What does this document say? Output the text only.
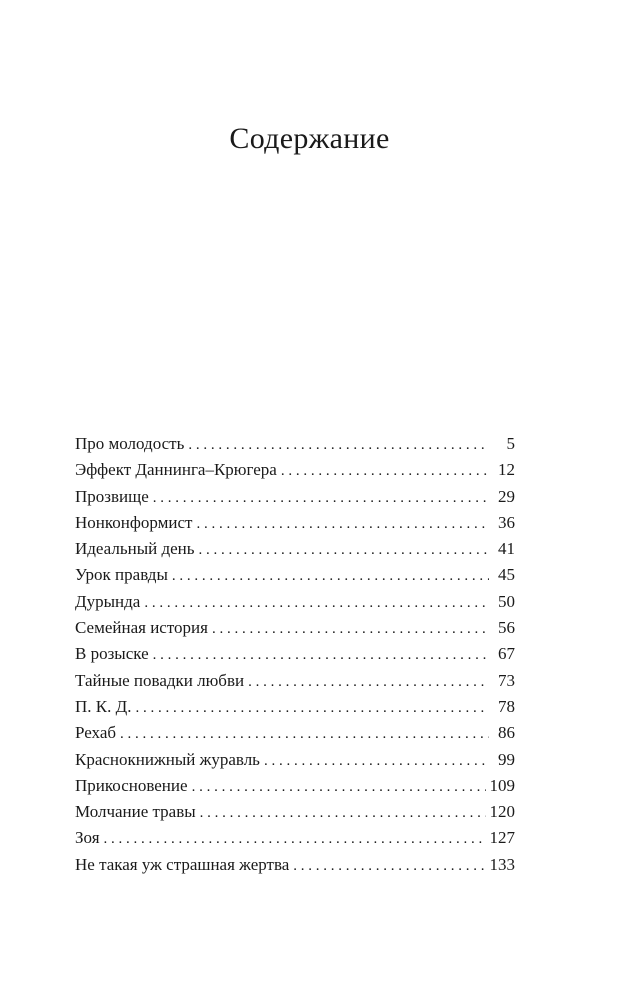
Содержание
Про молодость . . .	5
Эффект Даннинга–Крюгера . . .	12
Прозвище . . .	29
Нонконформист . . .	36
Идеальный день . . .	41
Урок правды . . .	45
Дурында . . .	50
Семейная история . . .	56
В розыске . . .	67
Тайные повадки любви . . .	73
П. К. Д. . . .	78
Рехаб . . .	86
Краснокнижный журавль . . .	99
Прикосновение . . .	109
Молчание травы . . .	120
Зоя . . .	127
Не такая уж страшная жертва . . .	133
